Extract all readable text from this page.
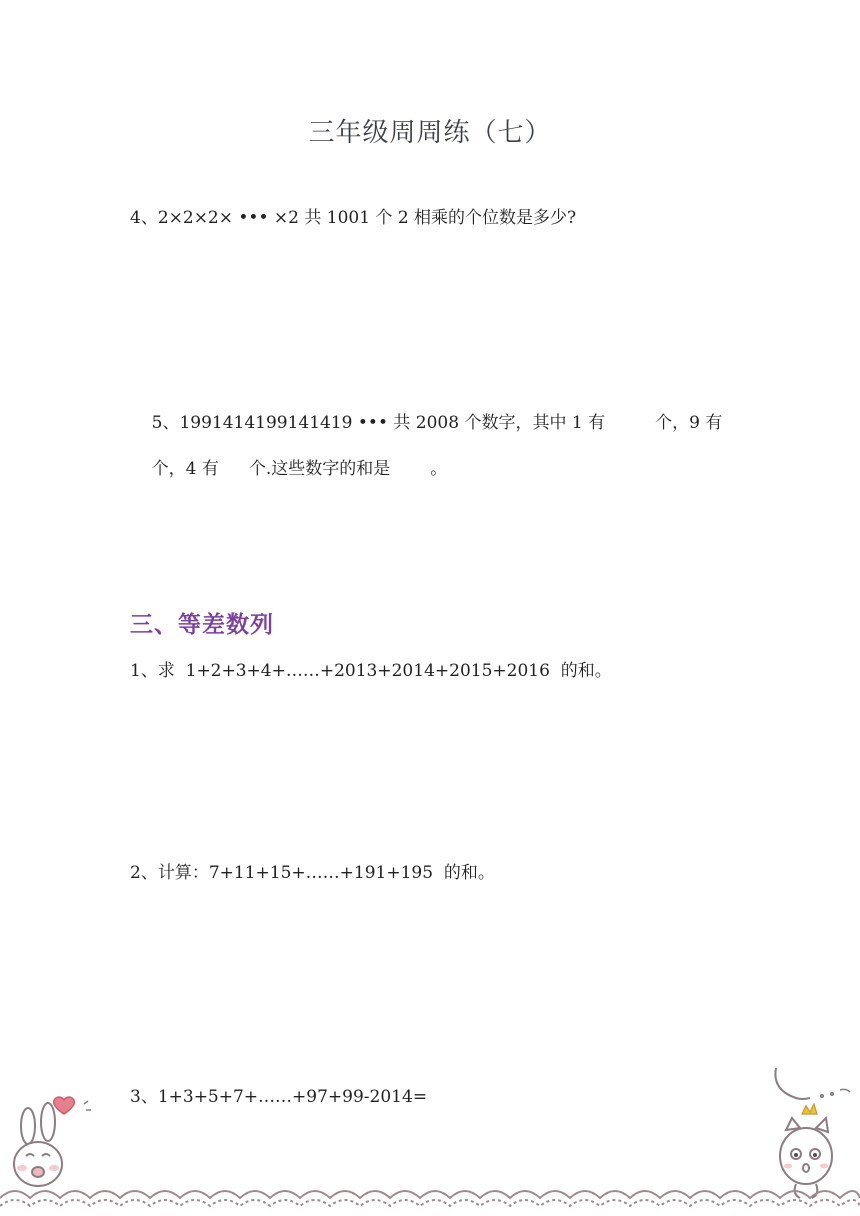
三年级周周练（七）
4、2×2×2× ••• ×2 共 1001 个 2 相乘的个位数是多少?

5、1991414199141419 ••• 共 2008 个数字，其中 1 有	个，9 有

个，4 有 个.这些数字的和是 。

三、等差数列
1、求  1+2+3+4+……+2013+2014+2015+2016  的和。
2、计算：7+11+15+……+191+195  的和。
3、1+3+5+7+……+97+99-2014=
